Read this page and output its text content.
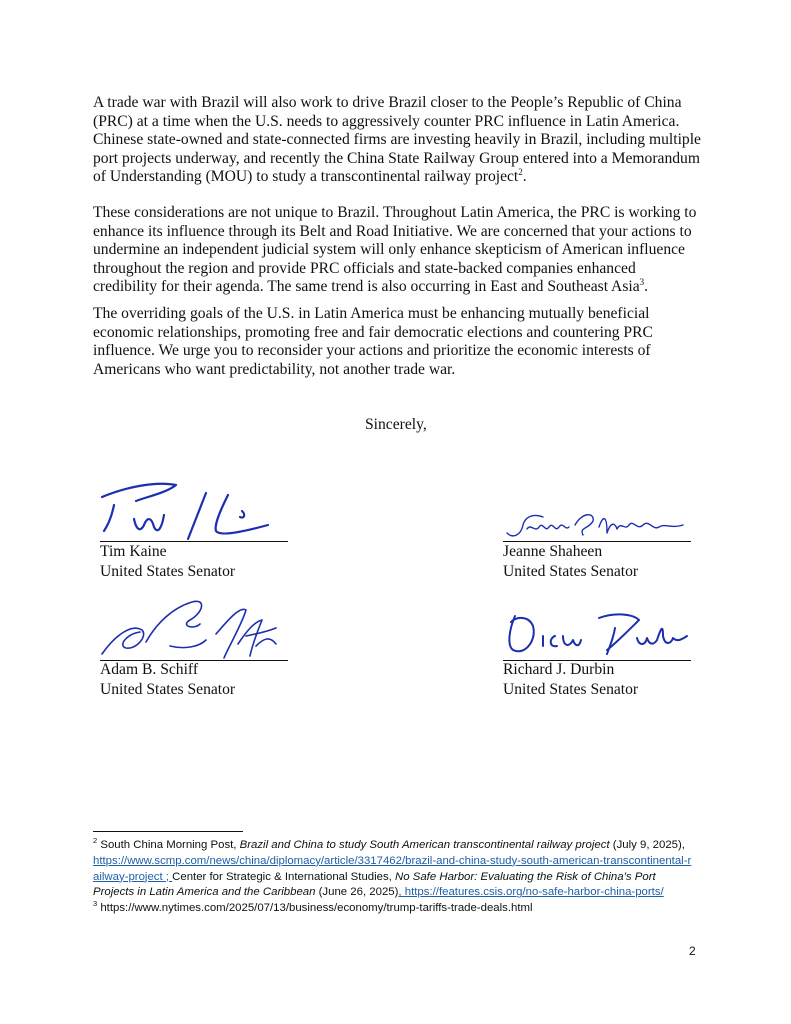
A trade war with Brazil will also work to drive Brazil closer to the People’s Republic of China
(PRC) at a time when the U.S. needs to aggressively counter PRC influence in Latin America.
Chinese state-owned and state-connected firms are investing heavily in Brazil, including multiple
port projects underway, and recently the China State Railway Group entered into a Memorandum
of Understanding (MOU) to study a transcontinental railway project$^2$.

These considerations are not unique to Brazil. Throughout Latin America, the PRC is working to
enhance its influence through its Belt and Road Initiative. We are concerned that your actions to
undermine an independent judicial system will only enhance skepticism of American influence
throughout the region and provide PRC officials and state-backed companies enhanced
credibility for their agenda. The same trend is also occurring in East and Southeast Asia$^3$.

The overriding goals of the U.S. in Latin America must be enhancing mutually beneficial
economic relationships, promoting free and fair democratic elections and countering PRC
influence. We urge you to reconsider your actions and prioritize the economic interests of
Americans who want predictability, not another trade war.

Sincerely,
Tim Kaine
United States Senator
Jeanne Shaheen
United States Senator
Adam B. Schiff
United States Senator
Richard J. Durbin
United States Senator

$^2$ South China Morning Post, Brazil and China to study South American transcontinental railway project (July 9, 2025), https://www.scmp.com/news/china/diplomacy/article/3317462/brazil-and-china-study-south-american-transcontinental-railway-project ; Center for Strategic & International Studies, No Safe Harbor: Evaluating the Risk of China’s Port Projects in Latin America and the Caribbean (June 26, 2025), https://features.csis.org/no-safe-harbor-china-ports/

$^3$ https://www.nytimes.com/2025/07/13/business/economy/trump-tariffs-trade-deals.html

2
